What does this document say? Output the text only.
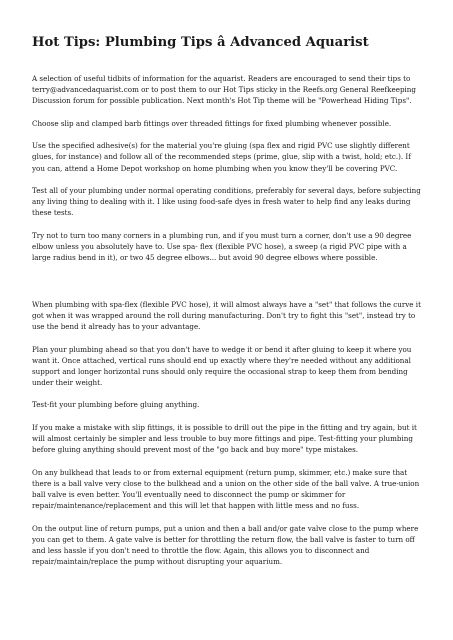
Hot Tips: Plumbing Tips â Advanced Aquarist

A selection of useful tidbits of information for the aquarist. Readers are encouraged to send their tips to terry@advancedaquarist.com or to post them to our Hot Tips sticky in the Reefs.org General Reefkeeping Discussion forum for possible publication. Next month's Hot Tip theme will be "Powerhead Hiding Tips".

Choose slip and clamped barb fittings over threaded fittings for fixed plumbing whenever possible.

Use the specified adhesive(s) for the material you're gluing (spa flex and rigid PVC use slightly different glues, for instance) and follow all of the recommended steps (prime, glue, slip with a twist, hold; etc.). If you can, attend a Home Depot workshop on home plumbing when you know they'll be covering PVC.

Test all of your plumbing under normal operating conditions, preferably for several days, before subjecting any living thing to dealing with it. I like using food-safe dyes in fresh water to help find any leaks during these tests.

Try not to turn too many corners in a plumbing run, and if you must turn a corner, don't use a 90 degree elbow unless you absolutely have to. Use spa- flex (flexible PVC hose), a sweep (a rigid PVC pipe with a large radius bend in it), or two 45 degree elbows... but avoid 90 degree elbows where possible.

When plumbing with spa-flex (flexible PVC hose), it will almost always have a "set" that follows the curve it got when it was wrapped around the roll during manufacturing. Don't try to fight this "set", instead try to use the bend it already has to your advantage.

Plan your plumbing ahead so that you don't have to wedge it or bend it after gluing to keep it where you want it. Once attached, vertical runs should end up exactly where they're needed without any additional support and longer horizontal runs should only require the occasional strap to keep them from bending under their weight.

Test-fit your plumbing before gluing anything.

If you make a mistake with slip fittings, it is possible to drill out the pipe in the fitting and try again, but it will almost certainly be simpler and less trouble to buy more fittings and pipe. Test-fitting your plumbing before gluing anything should prevent most of the "go back and buy more" type mistakes.

On any bulkhead that leads to or from external equipment (return pump, skimmer, etc.) make sure that there is a ball valve very close to the bulkhead and a union on the other side of the ball valve. A true-union ball valve is even better. You'll eventually need to disconnect the pump or skimmer for repair/maintenance/replacement and this will let that happen with little mess and no fuss.

On the output line of return pumps, put a union and then a ball and/or gate valve close to the pump where you can get to them. A gate valve is better for throttling the return flow, the ball valve is faster to turn off and less hassle if you don't need to throttle the flow. Again, this allows you to disconnect and repair/maintain/replace the pump without disrupting your aquarium.
